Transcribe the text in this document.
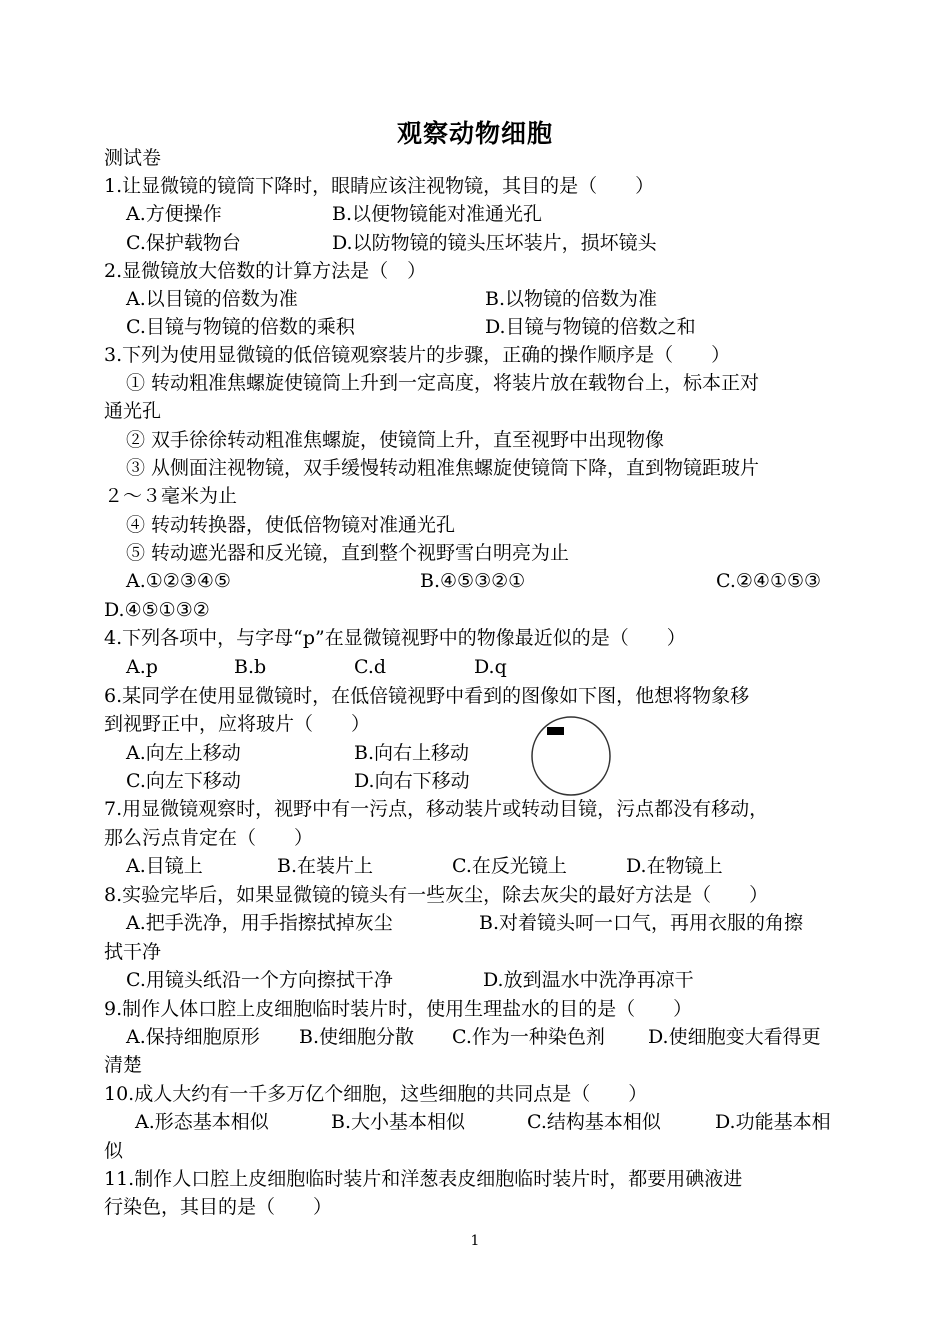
观察动物细胞
测试卷
1.让显微镜的镜筒下降时，眼睛应该注视物镜，其目的是（　　）
A.方便操作	B.以便物镜能对准通光孔
C.保护载物台	D.以防物镜的镜头压坏装片，损坏镜头
2.显微镜放大倍数的计算方法是（　）
A.以目镜的倍数为准	B.以物镜的倍数为准
C.目镜与物镜的倍数的乘积	D.目镜与物镜的倍数之和
3.下列为使用显微镜的低倍镜观察装片的步骤，正确的操作顺序是（　　）
① 转动粗准焦螺旋使镜筒上升到一定高度，将装片放在载物台上，标本正对
通光孔
② 双手徐徐转动粗准焦螺旋，使镜筒上升，直至视野中出现物像
③ 从侧面注视物镜，双手缓慢转动粗准焦螺旋使镜筒下降，直到物镜距玻片
２～３毫米为止
④ 转动转换器，使低倍物镜对准通光孔
⑤ 转动遮光器和反光镜，直到整个视野雪白明亮为止
A.①②③④⑤	B.④⑤③②①	C.②④①⑤③
D.④⑤①③②
4.下列各项中，与字母“p”在显微镜视野中的物像最近似的是（　　）
A.p	B.b	C.d	D.q
6.某同学在使用显微镜时，在低倍镜视野中看到的图像如下图，他想将物象移
到视野正中，应将玻片（　　）
A.向左上移动	B.向右上移动
C.向左下移动	D.向右下移动
7.用显微镜观察时，视野中有一污点，移动装片或转动目镜，污点都没有移动，
那么污点肯定在（　　）
A.目镜上	B.在装片上	C.在反光镜上	D.在物镜上
8.实验完毕后，如果显微镜的镜头有一些灰尘，除去灰尖的最好方法是（　　）
A.把手洗净，用手指擦拭掉灰尘	B.对着镜头呵一口气，再用衣服的角擦
拭干净
C.用镜头纸沿一个方向擦拭干净	D.放到温水中洗净再凉干
9.制作人体口腔上皮细胞临时装片时，使用生理盐水的目的是（　　）
A.保持细胞原形 B.使细胞分散 C.作为一种染色剂 D.使细胞变大看得更
清楚
10.成人大约有一千多万亿个细胞，这些细胞的共同点是（　　）
A.形态基本相似	B.大小基本相似	C.结构基本相似	D.功能基本相
似
11.制作人口腔上皮细胞临时装片和洋葱表皮细胞临时装片时，都要用碘液进
行染色，其目的是（　　）
1
